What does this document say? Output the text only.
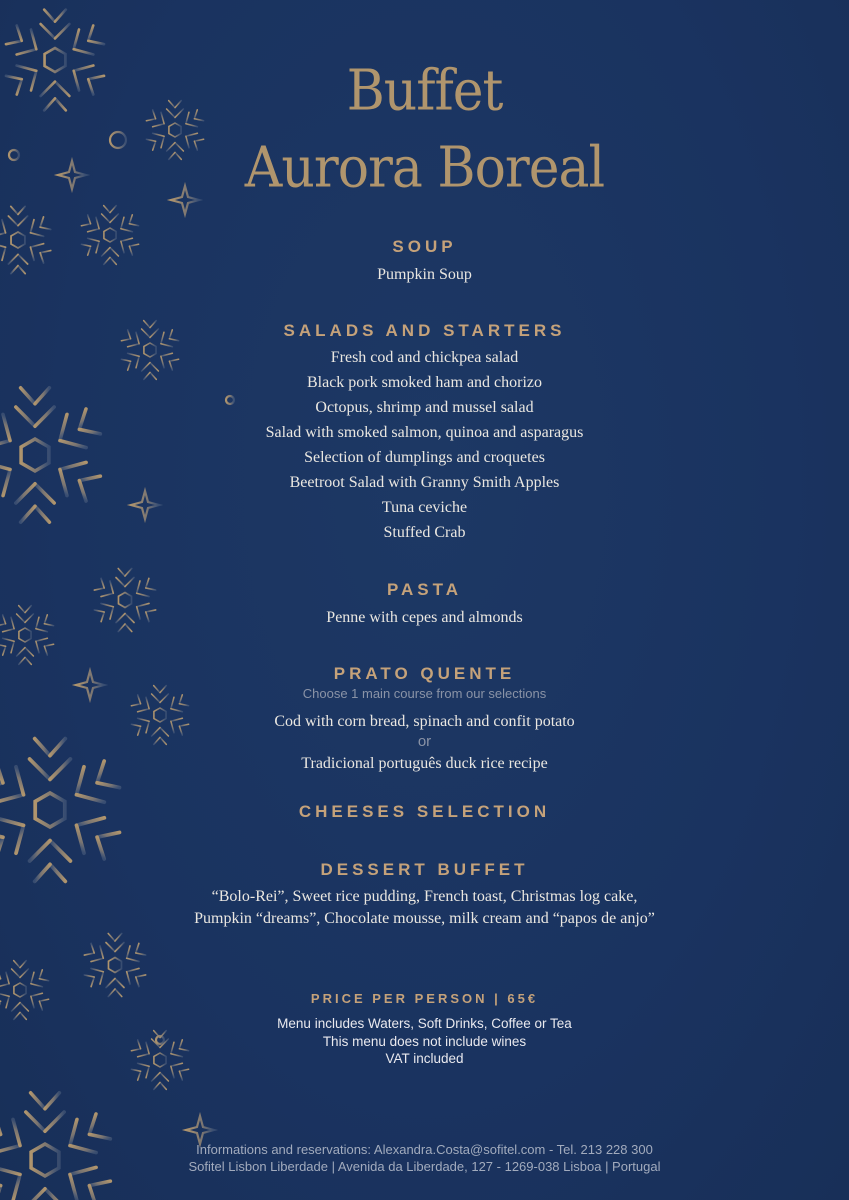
Buffet
Aurora Boreal
SOUP
Pumpkin Soup
SALADS AND STARTERS
Fresh cod and chickpea salad
Black pork smoked ham and chorizo
Octopus, shrimp and mussel salad
Salad with smoked salmon, quinoa and asparagus
Selection of dumplings and croquetes
Beetroot Salad with Granny Smith Apples
Tuna ceviche
Stuffed Crab
PASTA
Penne with cepes and almonds
PRATO QUENTE
Choose 1 main course from our selections
Cod with corn bread, spinach and confit potato
or
Tradicional português duck rice recipe
CHEESES SELECTION
DESSERT BUFFET
“Bolo-Rei”, Sweet rice pudding, French toast, Christmas log cake,
Pumpkin “dreams”, Chocolate mousse, milk cream and “papos de anjo”
PRICE PER PERSON | 65€
Menu includes Waters, Soft Drinks, Coffee or Tea
This menu does not include wines
VAT included
Informations and reservations: Alexandra.Costa@sofitel.com - Tel. 213 228 300
Sofitel Lisbon Liberdade | Avenida da Liberdade, 127 - 1269-038 Lisboa | Portugal
